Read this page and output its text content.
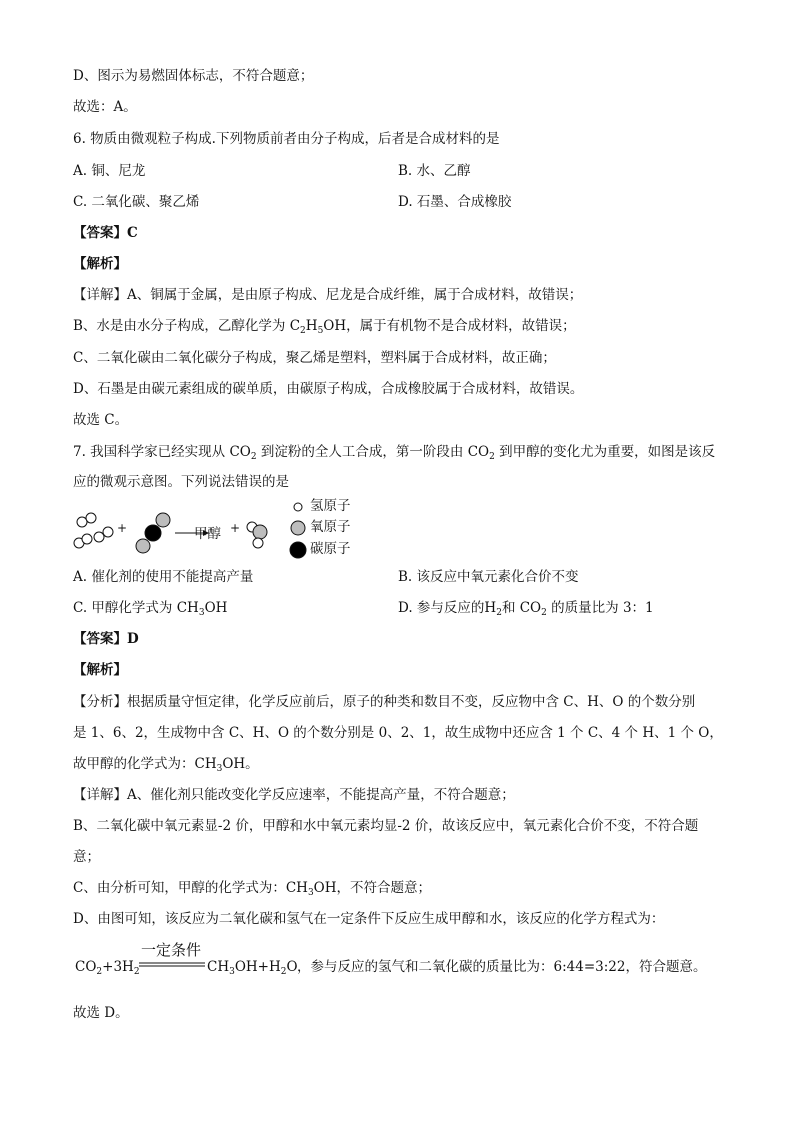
D、图示为易燃固体标志，不符合题意；
故选：A。
6. 物质由微观粒子构成.下列物质前者由分子构成，后者是合成材料的是
A. 铜、尼龙	B. 水、乙醇
C. 二氧化碳、聚乙烯	D. 石墨、合成橡胶
【答案】C
【解析】
【详解】A、铜属于金属，是由原子构成、尼龙是合成纤维，属于合成材料，故错误；
B、水是由水分子构成，乙醇化学为 $C_2H_5OH$，属于有机物不是合成材料，故错误；
C、二氧化碳由二氧化碳分子构成，聚乙烯是塑料，塑料属于合成材料，故正确；
D、石墨是由碳元素组成的碳单质，由碳原子构成，合成橡胶属于合成材料，故错误。
故选 C。
7. 我国科学家已经实现从 $CO_2$ 到淀粉的全人工合成，第一阶段由 $CO_2$ 到甲醇的变化尤为重要，如图是该反
应的微观示意图。下列说法错误的是
+	甲醇 +
氢原子
氧原子
碳原子
A. 催化剂的使用不能提高产量	B. 该反应中氧元素化合价不变
C. 甲醇化学式为 $CH_3OH$	D. 参与反应的$H_2$和 $CO_2$ 的质量比为 3：1
【答案】D
【解析】
【分析】根据质量守恒定律，化学反应前后，原子的种类和数目不变，反应物中含 C、H、O 的个数分别
是 1、6、2，生成物中含 C、H、O 的个数分别是 0、2、1，故生成物中还应含 1 个 C、4 个 H、1 个 O，
故甲醇的化学式为：$CH_3OH$。
【详解】A、催化剂只能改变化学反应速率，不能提高产量，不符合题意；
B、二氧化碳中氧元素显-2 价，甲醇和水中氧元素均显-2 价，故该反应中，氧元素化合价不变，不符合题
意；
C、由分析可知，甲醇的化学式为：$CH_3OH$，不符合题意；
D、由图可知，该反应为二氧化碳和氢气在一定条件下反应生成甲醇和水，该反应的化学方程式为：
$CO_2+3H_2$
一定条件
$CH_3OH+H_2O$ ，参与反应的氢气和二氧化碳的质量比为：6:44=3:22，符合题意。
故选 D。
